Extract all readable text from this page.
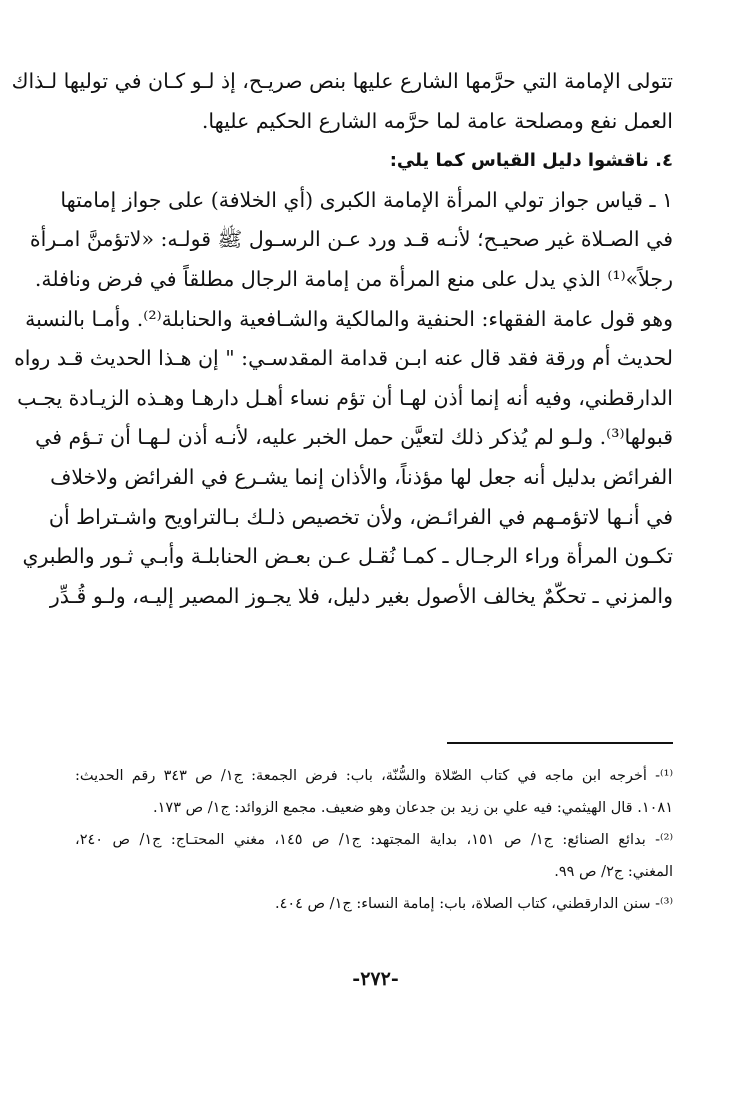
تتولى الإمامة التي حرَّمها الشارع عليها بنص صريـح، إذ لـو كـان في توليها لـذاك
العمل نفع ومصلحة عامة لما حرَّمه الشارع الحكيم عليها.
٤. ناقشوا دليل القياس كما يلي:
١ ـ قياس جواز تولي المرأة الإمامة الكبرى (أي الخلافة) على جواز إمامتها
في الصـلاة غير صحيـح؛ لأنـه قـد ورد عـن الرسـول ﷺ قولـه: «لاتؤمنَّ امـرأة
رجلاً»⁽¹⁾ الذي يدل على منع المرأة من إمامة الرجال مطلقاً في فرض ونافلة.
وهو قول عامة الفقهاء: الحنفية والمالكية والشـافعية والحنابلة⁽²⁾. وأمـا بالنسبة
لحديث أم ورقة فقد قال عنه ابـن قدامة المقدسـي: " إن هـذا الحديث قـد رواه
الدارقطني، وفيه أنه إنما أذن لهـا أن تؤم نساء أهـل دارهـا وهـذه الزيـادة يجـب
قبولها⁽³⁾. ولـو لم يُذكر ذلك لتعيَّن حمل الخبر عليه، لأنـه أذن لـهـا أن تـؤم في
الفرائض بدليل أنه جعل لها مؤذناً، والأذان إنما يشـرع في الفرائض ولاخلاف
في أنـها لاتؤمـهم في الفرائـض، ولأن تخصيص ذلـك بـالتراويح واشـتراط أن
تكـون المرأة وراء الرجـال ـ كمـا نُقـل عـن بعـض الحنابلـة وأبـي ثـور والطبري
والمزني ـ تحكّمٌ يخالف الأصول بغير دليل، فلا يجـوز المصير إليـه، ولـو قُـدِّر
⁽¹⁾- أخرجه ابن ماجه في كتاب الصّلاة والسُّنّة، باب: فرض الجمعة: ج١/ ص ٣٤٣ رقم الحديث:
١٠٨١. قال الهيثمي: فيه علي بن زيد بن جدعان وهو ضعيف. مجمع الزوائد: ج١/ ص ١٧٣.
⁽²⁾- بدائع الصنائع: ج١/ ص ١٥١، بداية المجتهد: ج١/ ص ١٤٥، مغني المحتـاج: ج١/ ص ٢٤٠،
المغني: ج٢/ ص ٩٩.
⁽³⁾- سنن الدارقطني، كتاب الصلاة، باب: إمامة النساء: ج١/ ص ٤٠٤.
-٢٧٢-
